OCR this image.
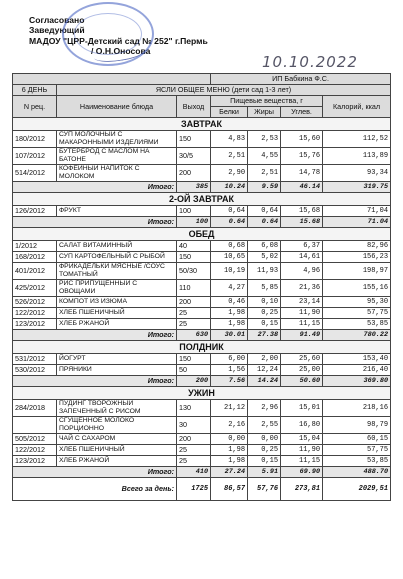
Согласовано
Заведующий
МАДОУ "ЦРР-Детский сад № 252" г.Пермь
/ О.Н.Оносова
10.10.2022
			ИП Бабкина Ф.С.			
6 ДЕНЬ	ЯСЛИ ОБЩЕЕ МЕНЮ (дети сад 1-3 лет)					
N рец.	Наименование блюда	Выход	Пищевые вещества, г			Калорий, ккал
			Белки	Жиры	Углев.	
ЗАВТРАК						
180/2012	СУП МОЛОЧНЫЙ С МАКАРОННЫМИ ИЗДЕЛИЯМИ	150	4,83	2,53	15,60	112,52
107/2012	БУТЕРБРОД С МАСЛОМ НА БАТОНЕ	30/5	2,51	4,55	15,76	113,89
514/2012	КОФЕЙНЫЙ НАПИТОК С МОЛОКОМ	200	2,90	2,51	14,78	93,34
Итого:		385	10.24	9.59	46.14	319.75
2-ОЙ ЗАВТРАК						
126/2012	ФРУКТ	100	0,64	0,64	15,68	71,04
Итого:		100	0.64	0.64	15.68	71.04
ОБЕД						
1/2012	САЛАТ ВИТАМИННЫЙ	40	0,68	6,08	6,37	82,96
168/2012	СУП КАРТОФЕЛЬНЫЙ С РЫБОЙ	150	10,65	5,02	14,61	156,23
401/2012	ФРИКАДЕЛЬКИ МЯСНЫЕ /СОУС ТОМАТНЫЙ	50/30	10,19	11,93	4,96	198,97
425/2012	РИС ПРИПУЩЕННЫЙ С ОВОЩАМИ	110	4,27	5,85	21,36	155,16
526/2012	КОМПОТ ИЗ ИЗЮМА	200	0,46	0,10	23,14	95,30
122/2012	ХЛЕБ ПШЕНИЧНЫЙ	25	1,98	0,25	11,90	57,75
123/2012	ХЛЕБ РЖАНОЙ	25	1,98	0,15	11,15	53,85
Итого:		630	30.01	27.38	91.49	780.22
ПОЛДНИК						
531/2012	ЙОГУРТ	150	6,00	2,00	25,60	153,40
530/2012	ПРЯНИКИ	50	1,56	12,24	25,00	216,40
Итого:		200	7.56	14.24	50.60	369.80
УЖИН						
284/2018	ПУДИНГ ТВОРОЖНЫЙ ЗАПЕЧЕННЫЙ С РИСОМ	130	21,12	2,96	15,01	218,16
	СГУЩЕННОЕ МОЛОКО ПОРЦИОННО	30	2,16	2,55	16,80	98,79
505/2012	ЧАЙ С САХАРОМ	200	0,00	0,00	15,04	60,15
122/2012	ХЛЕБ ПШЕНИЧНЫЙ	25	1,98	0,25	11,90	57,75
123/2012	ХЛЕБ РЖАНОЙ	25	1,98	0,15	11,15	53,85
Итого:		410	27.24	5.91	69.90	488.70
Всего за день:		1725	86,57	57,76	273,81	2029,51
